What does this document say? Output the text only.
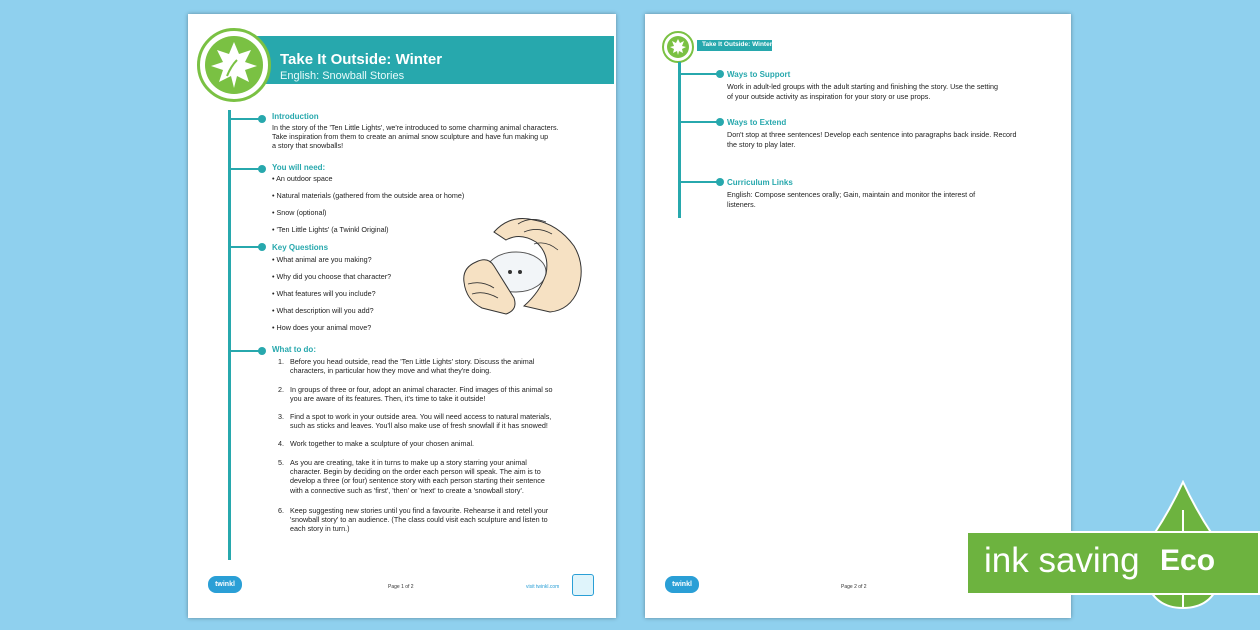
Take It Outside: Winter
English: Snowball Stories
Introduction
In the story of the 'Ten Little Lights', we're introduced to some charming animal characters.
Take inspiration from them to create an animal snow sculpture and have fun making up
a story that snowballs!
You will need:
• An outdoor space
• Natural materials (gathered from the outside area or home)
• Snow (optional)
• 'Ten Little Lights' (a Twinkl Original)
Key Questions
• What animal are you making?
• Why did you choose that character?
• What features will you include?
• What description will you add?
• How does your animal move?
What to do:
1. Before you head outside, read the 'Ten Little Lights' story. Discuss the animal
characters, in particular how they move and what they're doing.
2. In groups of three or four, adopt an animal character. Find images of this animal so
you are aware of its features. Then, it's time to take it outside!
3. Find a spot to work in your outside area. You will need access to natural materials,
such as sticks and leaves. You'll also make use of fresh snowfall if it has snowed!
4. Work together to make a sculpture of your chosen animal.
5. As you are creating, take it in turns to make up a story starring your animal
character. Begin by deciding on the order each person will speak. The aim is to
develop a three (or four) sentence story with each person starting their sentence
with a connective such as 'first', 'then' or 'next' to create a 'snowball story'.
6. Keep suggesting new stories until you find a favourite. Rehearse it and retell your
'snowball story' to an audience. (The class could visit each sculpture and listen to
each story in turn.)
twinkl	Page 1 of 2	visit twinkl.com
Take It Outside: Winter
Ways to Support
Work in adult-led groups with the adult starting and finishing the story. Use the setting
of your outside activity as inspiration for your story or use props.
Ways to Extend
Don't stop at three sentences! Develop each sentence into paragraphs back inside. Record
the story to play later.
Curriculum Links
English: Compose sentences orally; Gain, maintain and monitor the interest of
listeners.
twinkl	Page 2 of 2
ink saving Eco
